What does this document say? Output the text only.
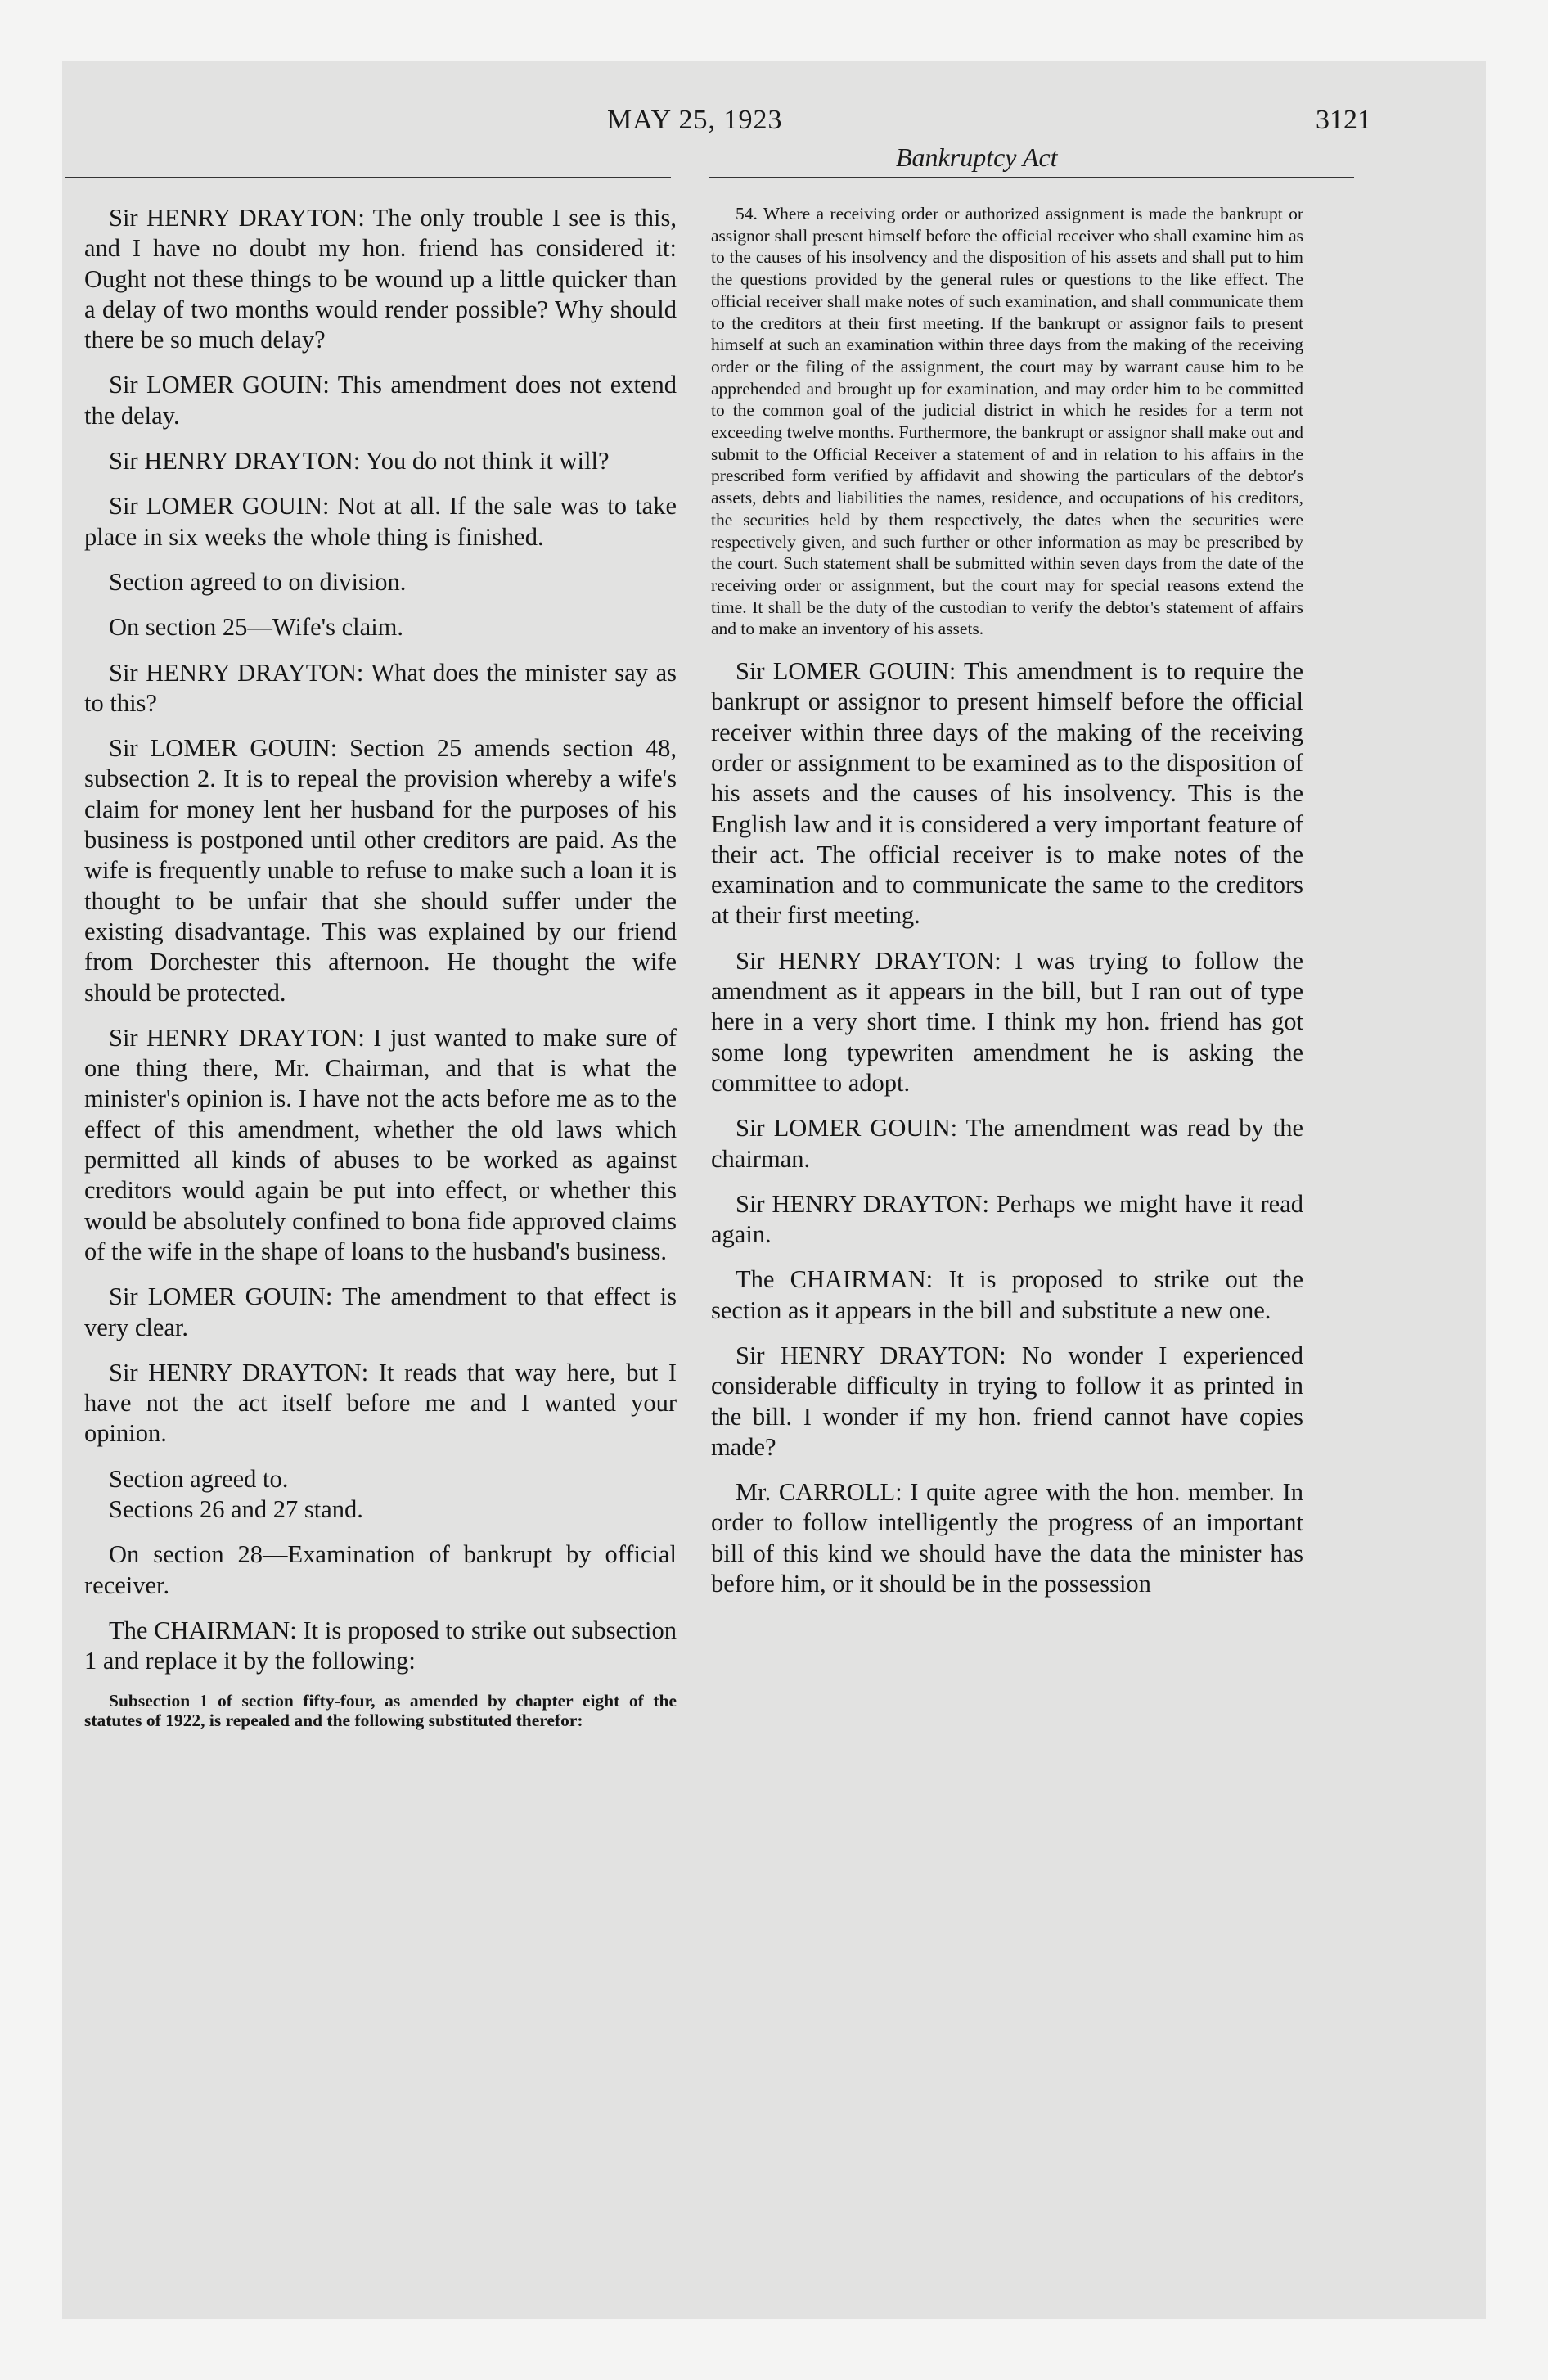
MAY 25, 1923	3121
Bankruptcy Act

Sir HENRY DRAYTON: The only trouble I see is this, and I have no doubt my hon. friend has considered it: Ought not these things to be wound up a little quicker than a delay of two months would render possible? Why should there be so much delay?

Sir LOMER GOUIN: This amendment does not extend the delay.

Sir HENRY DRAYTON: You do not think it will?

Sir LOMER GOUIN: Not at all. If the sale was to take place in six weeks the whole thing is finished.

Section agreed to on division.

On section 25—Wife's claim.

Sir HENRY DRAYTON: What does the minister say as to this?

Sir LOMER GOUIN: Section 25 amends section 48, subsection 2. It is to repeal the provision whereby a wife's claim for money lent her husband for the purposes of his business is postponed until other creditors are paid. As the wife is frequently unable to refuse to make such a loan it is thought to be unfair that she should suffer under the existing disadvantage. This was explained by our friend from Dorchester this afternoon. He thought the wife should be protected.

Sir HENRY DRAYTON: I just wanted to make sure of one thing there, Mr. Chairman, and that is what the minister's opinion is. I have not the acts before me as to the effect of this amendment, whether the old laws which permitted all kinds of abuses to be worked as against creditors would again be put into effect, or whether this would be absolutely confined to bona fide approved claims of the wife in the shape of loans to the husband's business.

Sir LOMER GOUIN: The amendment to that effect is very clear.

Sir HENRY DRAYTON: It reads that way here, but I have not the act itself before me and I wanted your opinion.

Section agreed to.

Sections 26 and 27 stand.

On section 28—Examination of bankrupt by official receiver.

The CHAIRMAN: It is proposed to strike out subsection 1 and replace it by the following:

Subsection 1 of section fifty-four, as amended by chapter eight of the statutes of 1922, is repealed and the following substituted therefor:

54. Where a receiving order or authorized assignment is made the bankrupt or assignor shall present himself before the official receiver who shall examine him as to the causes of his insolvency and the disposition of his assets and shall put to him the questions provided by the general rules or questions to the like effect. The official receiver shall make notes of such examination, and shall communicate them to the creditors at their first meeting. If the bankrupt or assignor fails to present himself at such an examination within three days from the making of the receiving order or the filing of the assignment, the court may by warrant cause him to be apprehended and brought up for examination, and may order him to be committed to the common goal of the judicial district in which he resides for a term not exceeding twelve months. Furthermore, the bankrupt or assignor shall make out and submit to the Official Receiver a statement of and in relation to his affairs in the prescribed form verified by affidavit and showing the particulars of the debtor's assets, debts and liabilities the names, residence, and occupations of his creditors, the securities held by them respectively, the dates when the securities were respectively given, and such further or other information as may be prescribed by the court. Such statement shall be submitted within seven days from the date of the receiving order or assignment, but the court may for special reasons extend the time. It shall be the duty of the custodian to verify the debtor's statement of affairs and to make an inventory of his assets.

Sir LOMER GOUIN: This amendment is to require the bankrupt or assignor to present himself before the official receiver within three days of the making of the receiving order or assignment to be examined as to the disposition of his assets and the causes of his insolvency. This is the English law and it is considered a very important feature of their act. The official receiver is to make notes of the examination and to communicate the same to the creditors at their first meeting.

Sir HENRY DRAYTON: I was trying to follow the amendment as it appears in the bill, but I ran out of type here in a very short time. I think my hon. friend has got some long typewriten amendment he is asking the committee to adopt.

Sir LOMER GOUIN: The amendment was read by the chairman.

Sir HENRY DRAYTON: Perhaps we might have it read again.

The CHAIRMAN: It is proposed to strike out the section as it appears in the bill and substitute a new one.

Sir HENRY DRAYTON: No wonder I experienced considerable difficulty in trying to follow it as printed in the bill. I wonder if my hon. friend cannot have copies made?

Mr. CARROLL: I quite agree with the hon. member. In order to follow intelligently the progress of an important bill of this kind we should have the data the minister has before him, or it should be in the possession
